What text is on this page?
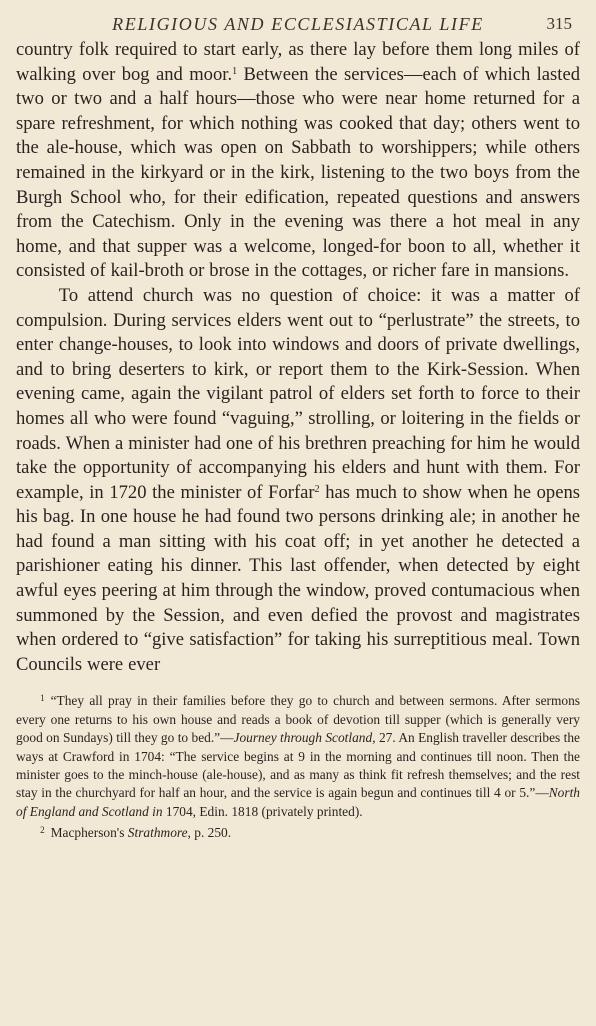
RELIGIOUS AND ECCLESIASTICAL LIFE	315

country folk required to start early, as there lay before them long miles of walking over bog and moor.$^1$ Between the services—each of which lasted two or two and a half hours—those who were near home returned for a spare refreshment, for which nothing was cooked that day; others went to the ale-house, which was open on Sabbath to worshippers; while others remained in the kirkyard or in the kirk, listening to the two boys from the Burgh School who, for their edification, repeated questions and answers from the Catechism. Only in the evening was there a hot meal in any home, and that supper was a welcome, longed-for boon to all, whether it consisted of kail-broth or brose in the cottages, or richer fare in mansions.

To attend church was no question of choice: it was a matter of compulsion. During services elders went out to “perlustrate” the streets, to enter change-houses, to look into windows and doors of private dwellings, and to bring deserters to kirk, or report them to the Kirk-Session. When evening came, again the vigilant patrol of elders set forth to force to their homes all who were found “vaguing,” strolling, or loitering in the fields or roads. When a minister had one of his brethren preaching for him he would take the opportunity of accompanying his elders and hunt with them. For example, in 1720 the minister of Forfar$^2$ has much to show when he opens his bag. In one house he had found two persons drinking ale; in another he had found a man sitting with his coat off; in yet another he detected a parishioner eating his dinner. This last offender, when detected by eight awful eyes peering at him through the window, proved contumacious when summoned by the Session, and even defied the provost and magistrates when ordered to “give satisfaction” for taking his surreptitious meal. Town Councils were ever

$^1$ “They all pray in their families before they go to church and between sermons. After sermons every one returns to his own house and reads a book of devotion till supper (which is generally very good on Sundays) till they go to bed.”—Journey through Scotland, 27. An English traveller describes the ways at Crawford in 1704: “The service begins at 9 in the morning and continues till noon. Then the minister goes to the minch-house (ale-house), and as many as think fit refresh themselves; and the rest stay in the churchyard for half an hour, and the service is again begun and continues till 4 or 5.”—North of England and Scotland in 1704, Edin. 1818 (privately printed).

$^2$ Macpherson's Strathmore, p. 250.
